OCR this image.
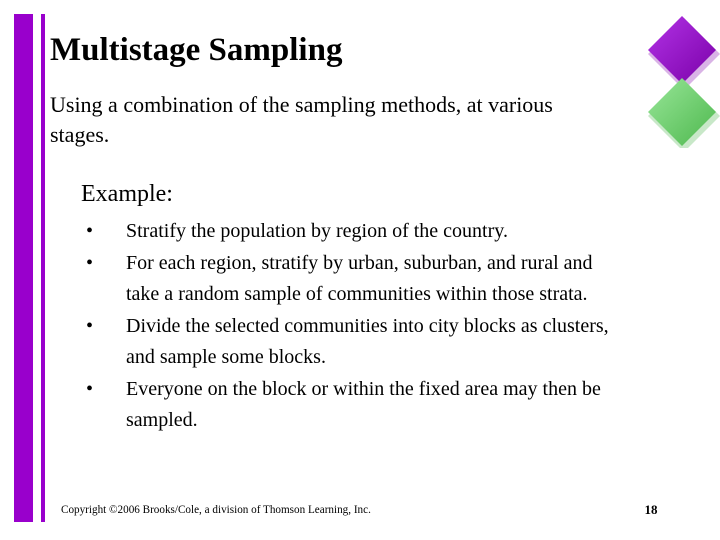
Multistage Sampling
Using a combination of the sampling methods, at various stages.
Example:
•	Stratify the population by region of the country.
•	For each region, stratify by urban, suburban, and rural and take a random sample of communities within those strata.
•	Divide the selected communities into city blocks as clusters, and sample some blocks.
•	Everyone on the block or within the fixed area may then be sampled.
Copyright ©2006 Brooks/Cole, a division of Thomson Learning, Inc.	18
